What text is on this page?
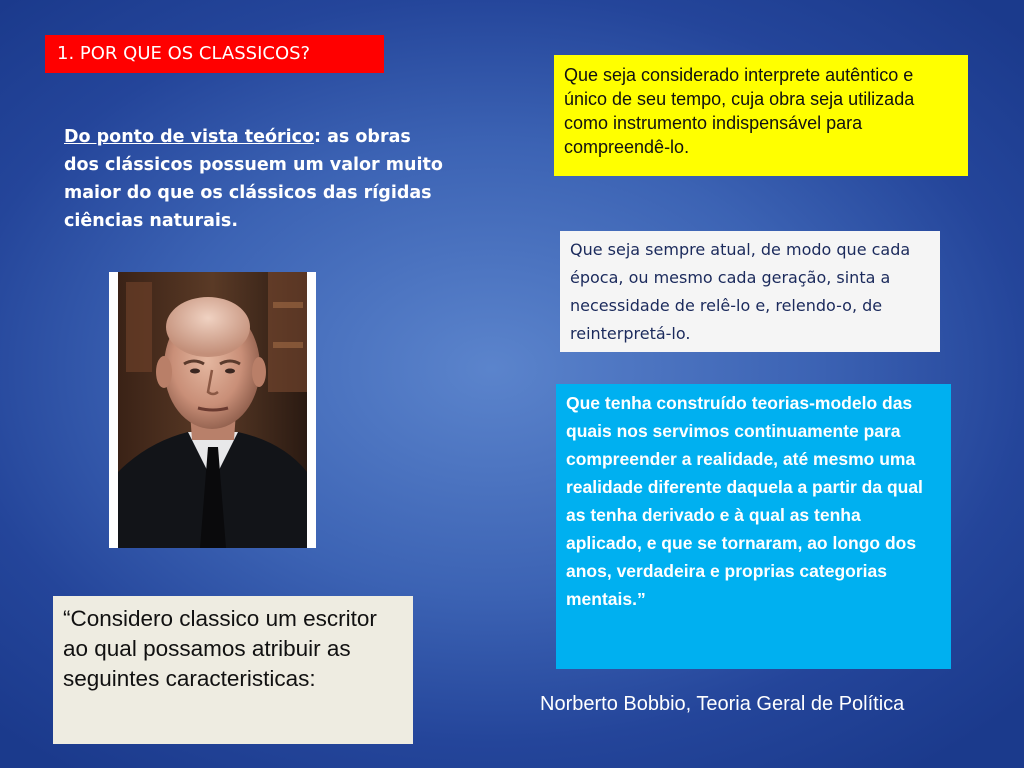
1. POR QUE OS CLASSICOS?
Do ponto de vista teórico: as obras dos clássicos possuem um valor muito maior do que os clássicos das rígidas ciências naturais.
Que seja considerado interprete autêntico e único de seu tempo, cuja obra seja utilizada como instrumento indispensável para compreendê-lo.
Que seja sempre atual, de modo que cada época, ou mesmo cada geração, sinta a necessidade de relê-lo e, relendo-o, de reinterpretá-lo.
Que tenha construído teorias-modelo das quais nos servimos continuamente para compreender a realidade, até mesmo uma realidade diferente daquela a partir da qual as tenha derivado e à qual as tenha aplicado, e que se tornaram, ao longo dos anos, verdadeira e proprias categorias mentais.”
“Considero classico um escritor ao qual possamos atribuir as seguintes caracteristicas:
Norberto Bobbio, Teoria Geral de Política
